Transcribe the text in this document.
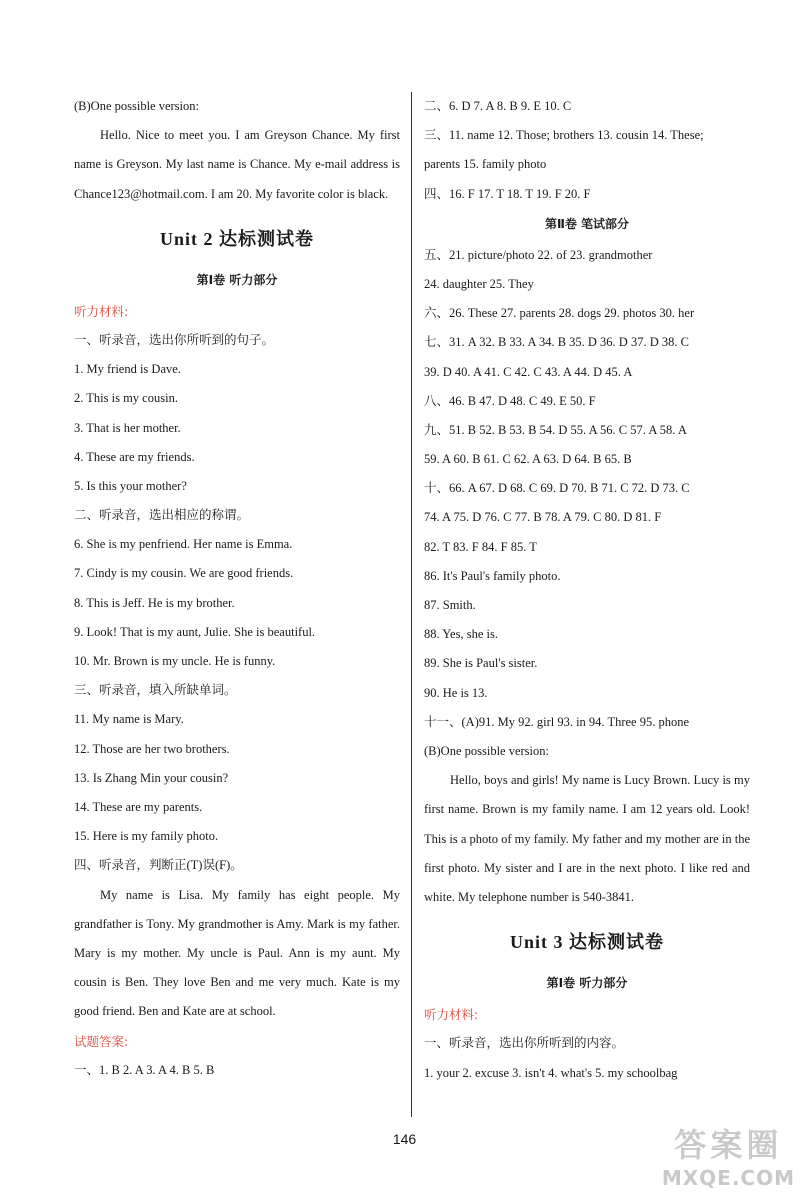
(B)One possible version:
Hello. Nice to meet you. I am Greyson Chance. My first name is Greyson. My last name is Chance. My e-mail address is Chance123@hotmail.com. I am 20. My favorite color is black.
Unit 2 达标测试卷
第Ⅰ卷 听力部分
听力材料:
一、听录音，选出你所听到的句子。
1. My friend is Dave.
2. This is my cousin.
3. That is her mother.
4. These are my friends.
5. Is this your mother?
二、听录音，选出相应的称谓。
6. She is my penfriend. Her name is Emma.
7. Cindy is my cousin. We are good friends.
8. This is Jeff. He is my brother.
9. Look! That is my aunt, Julie. She is beautiful.
10. Mr. Brown is my uncle. He is funny.
三、听录音，填入所缺单词。
11. My name is Mary.
12. Those are her two brothers.
13. Is Zhang Min your cousin?
14. These are my parents.
15. Here is my family photo.
四、听录音，判断正(T)误(F)。
My name is Lisa. My family has eight people. My grandfather is Tony. My grandmother is Amy. Mark is my father. Mary is my mother. My uncle is Paul. Ann is my aunt. My cousin is Ben. They love Ben and me very much. Kate is my good friend. Ben and Kate are at school.
试题答案:
一、1. B 2. A 3. A 4. B 5. B
二、6. D 7. A 8. B 9. E 10. C
三、11. name 12. Those; brothers 13. cousin 14. These;
parents 15. family photo
四、16. F 17. T 18. T 19. F 20. F
第Ⅱ卷 笔试部分
五、21. picture/photo 22. of 23. grandmother
24. daughter 25. They
六、26. These 27. parents 28. dogs 29. photos 30. her
七、31. A 32. B 33. A 34. B 35. D 36. D 37. D 38. C
39. D 40. A 41. C 42. C 43. A 44. D 45. A
八、46. B 47. D 48. C 49. E 50. F
九、51. B 52. B 53. B 54. D 55. A 56. C 57. A 58. A
59. A 60. B 61. C 62. A 63. D 64. B 65. B
十、66. A 67. D 68. C 69. D 70. B 71. C 72. D 73. C
74. A 75. D 76. C 77. B 78. A 79. C 80. D 81. F
82. T 83. F 84. F 85. T
86. It's Paul's family photo.
87. Smith.
88. Yes, she is.
89. She is Paul's sister.
90. He is 13.
十一、(A)91. My 92. girl 93. in 94. Three 95. phone
(B)One possible version:
Hello, boys and girls! My name is Lucy Brown. Lucy is my first name. Brown is my family name. I am 12 years old. Look! This is a photo of my family. My father and my mother are in the first photo. My sister and I are in the next photo. I like red and white. My telephone number is 540-3841.
Unit 3 达标测试卷
第Ⅰ卷 听力部分
听力材料:
一、听录音，选出你所听到的内容。
1. your 2. excuse 3. isn't 4. what's 5. my schoolbag
146	答案圈
MXQE.COM
